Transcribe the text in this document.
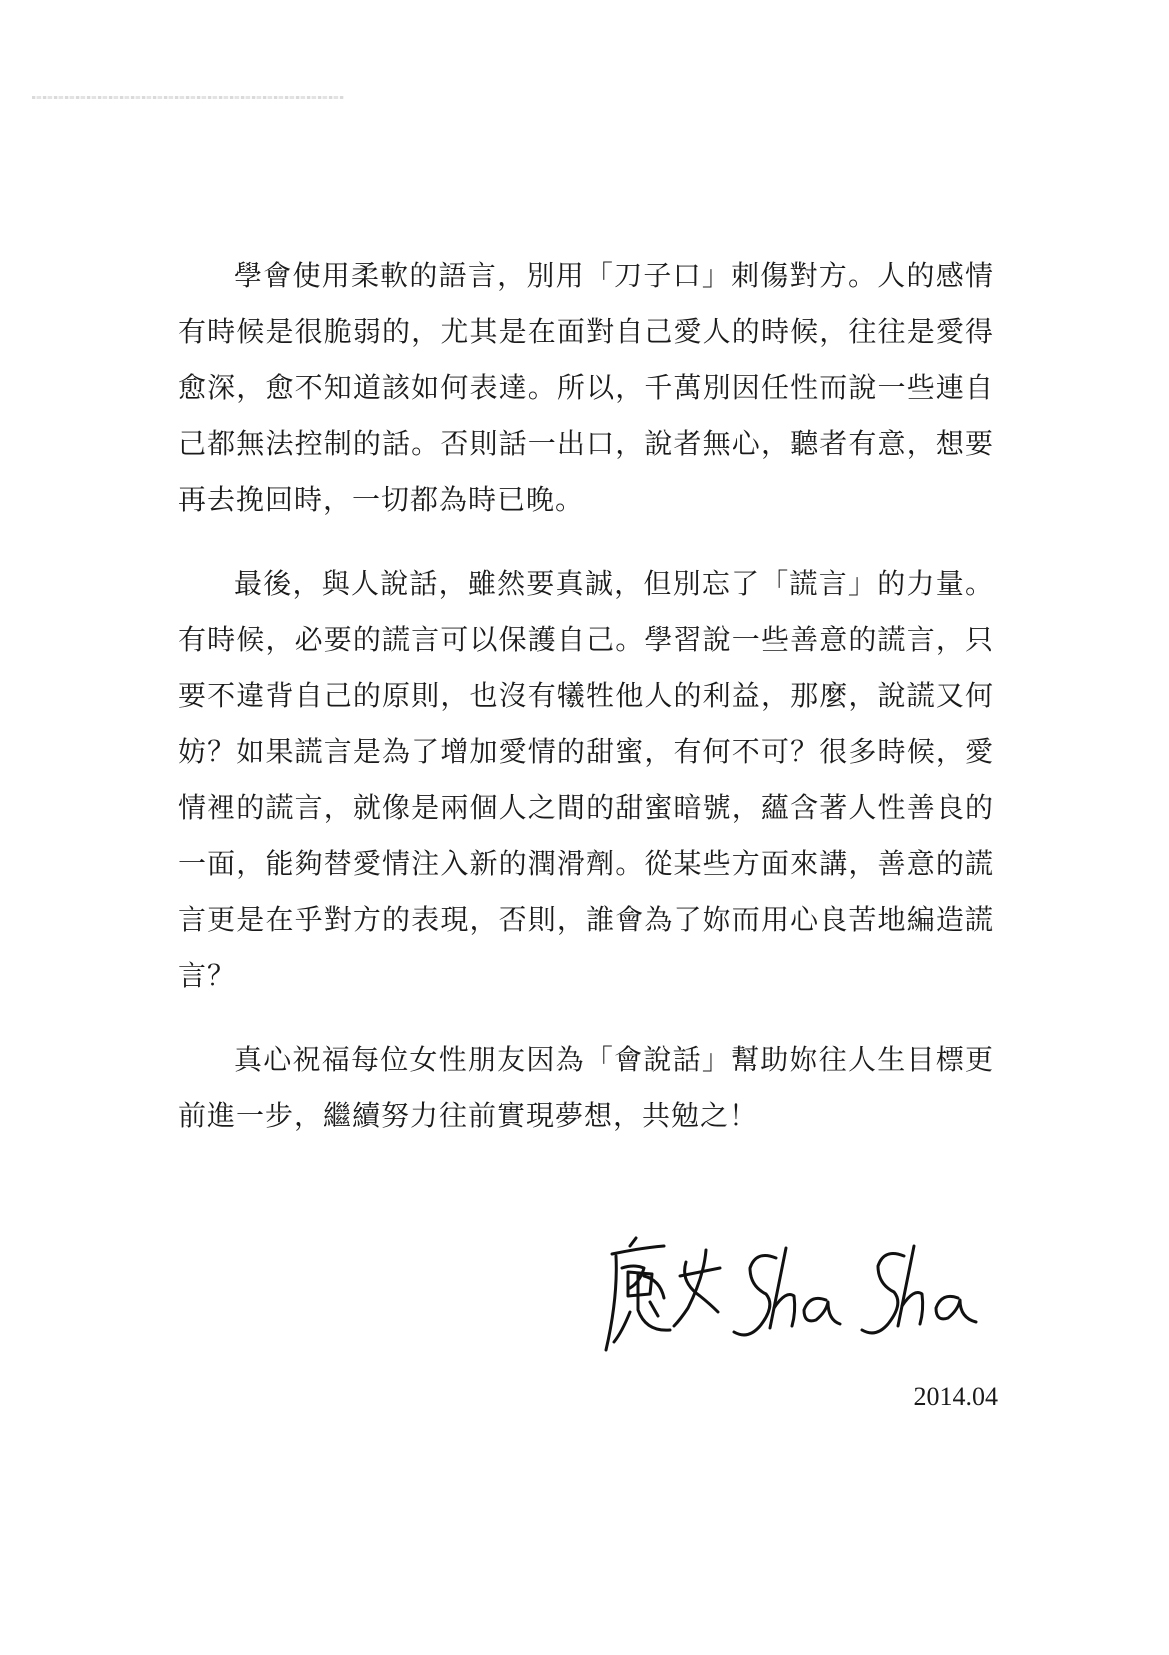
學會使用柔軟的語言，別用「刀子口」刺傷對方。人的感情有時候是很脆弱的，尤其是在面對自己愛人的時候，往往是愛得愈深，愈不知道該如何表達。所以，千萬別因任性而說一些連自己都無法控制的話。否則話一出口，說者無心，聽者有意，想要再去挽回時，一切都為時已晚。

最後，與人說話，雖然要真誠，但別忘了「謊言」的力量。有時候，必要的謊言可以保護自己。學習說一些善意的謊言，只要不違背自己的原則，也沒有犧牲他人的利益，那麼，說謊又何妨？如果謊言是為了增加愛情的甜蜜，有何不可？很多時候，愛情裡的謊言，就像是兩個人之間的甜蜜暗號，蘊含著人性善良的一面，能夠替愛情注入新的潤滑劑。從某些方面來講，善意的謊言更是在乎對方的表現，否則，誰會為了妳而用心良苦地編造謊言？

真心祝福每位女性朋友因為「會說話」幫助妳往人生目標更前進一步，繼續努力往前實現夢想，共勉之！

2014.04
